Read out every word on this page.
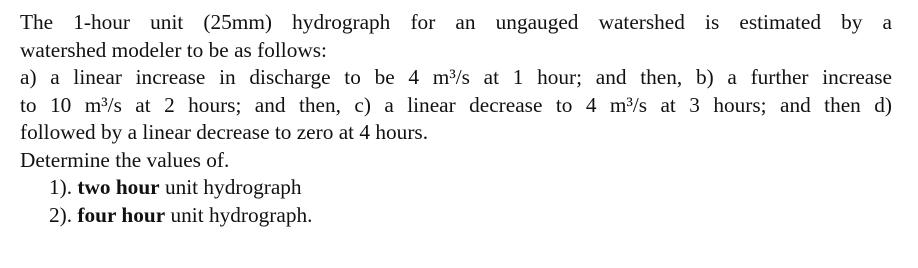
The 1-hour unit (25mm) hydrograph for an ungauged watershed is estimated by a
watershed modeler to be as follows:
a) a linear increase in discharge to be 4 m³/s at 1 hour; and then, b) a further increase
to 10 m³/s at 2 hours; and then, c) a linear decrease to 4 m³/s at 3 hours; and then d)
followed by a linear decrease to zero at 4 hours.
Determine the values of.

1). two hour unit hydrograph
2). four hour unit hydrograph.
